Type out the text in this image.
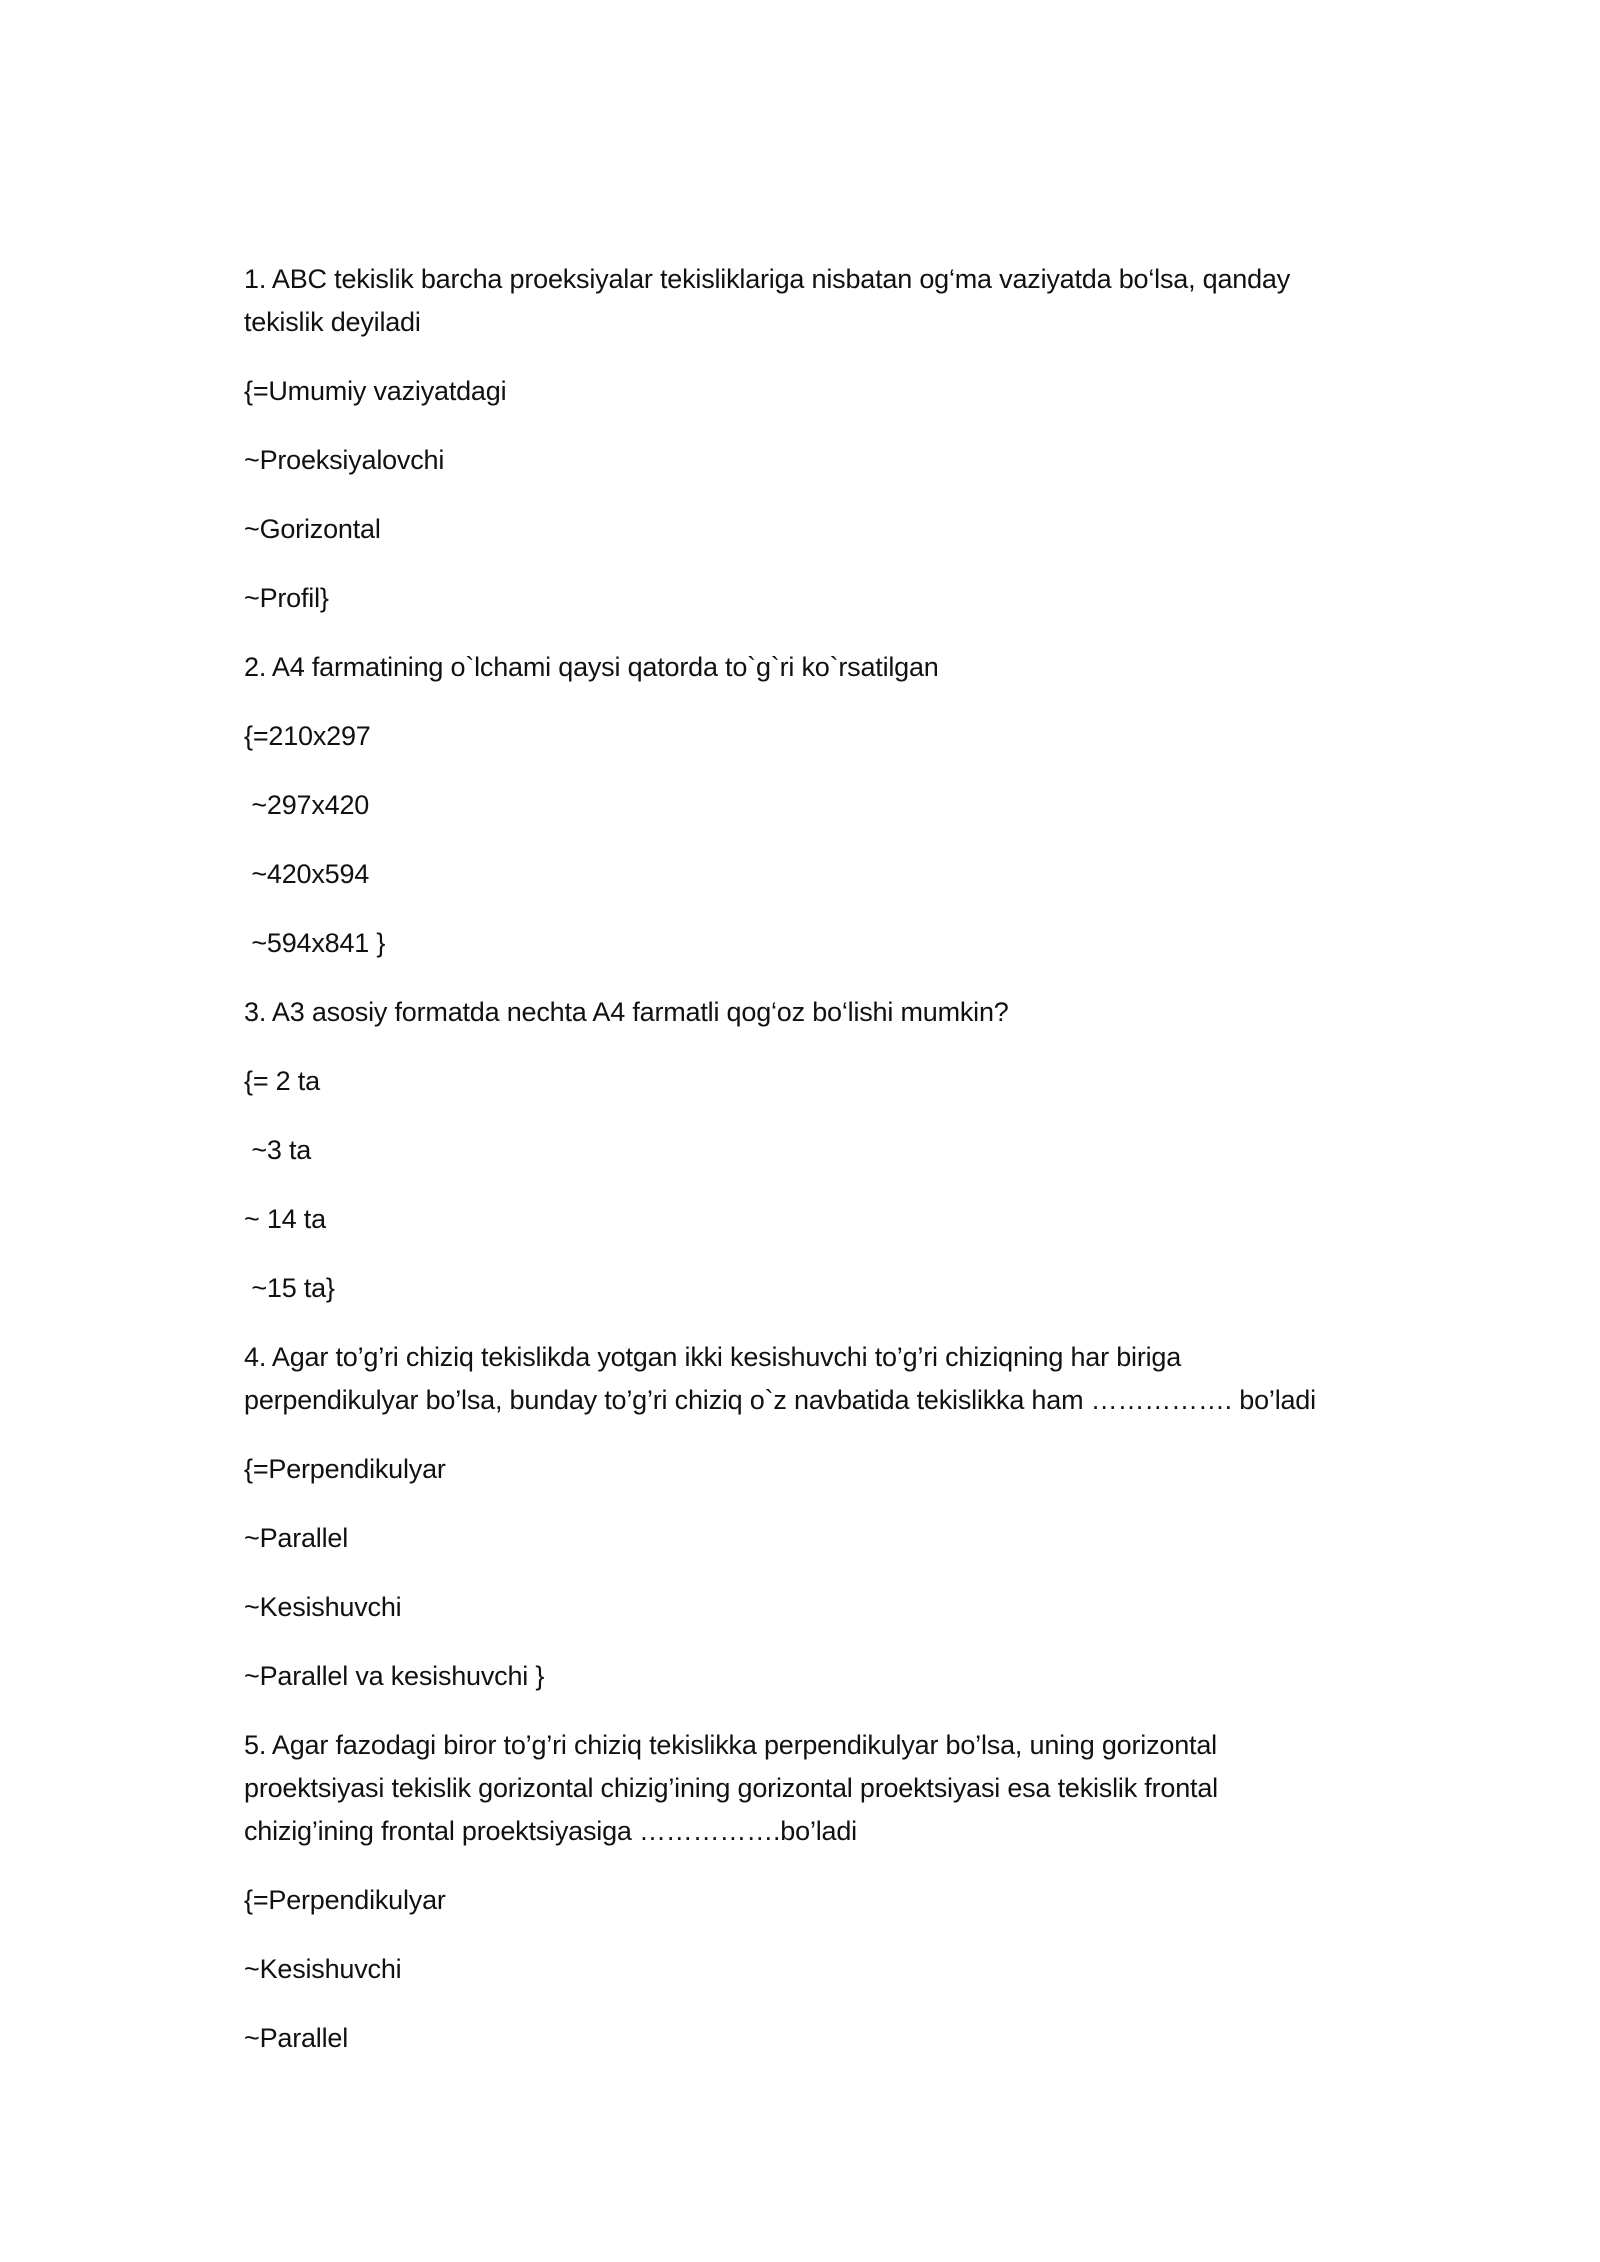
1. ABC tekislik barcha proeksiyalar tekisliklariga nisbatan og‘ma vaziyatda bo‘lsa, qanday tekislik deyiladi

{=Umumiy vaziyatdagi

~Proeksiyalovchi

~Gorizontal

~Profil}

2. A4 farmatining o`lchami qaysi qatorda to`g`ri ko`rsatilgan

{=210x297

~297x420

~420x594

~594x841 }

3. A3 asosiy formatda nechta A4 farmatli qog‘oz bo‘lishi mumkin?

{= 2 ta

~3 ta

~ 14 ta

~15 ta}

4. Agar to’g’ri chiziq tekislikda yotgan ikki kesishuvchi to’g’ri chiziqning har biriga perpendikulyar bo’lsa, bunday to’g’ri chiziq o`z navbatida tekislikka ham ……………. bo’ladi

{=Perpendikulyar

~Parallel

~Kesishuvchi

~Parallel va kesishuvchi }

5. Agar fazodagi biror to’g’ri chiziq tekislikka perpendikulyar bo’lsa, uning gorizontal proektsiyasi tekislik gorizontal chizig’ining gorizontal proektsiyasi esa tekislik frontal chizig’ining frontal proektsiyasiga …………….bo’ladi

{=Perpendikulyar

~Kesishuvchi

~Parallel
